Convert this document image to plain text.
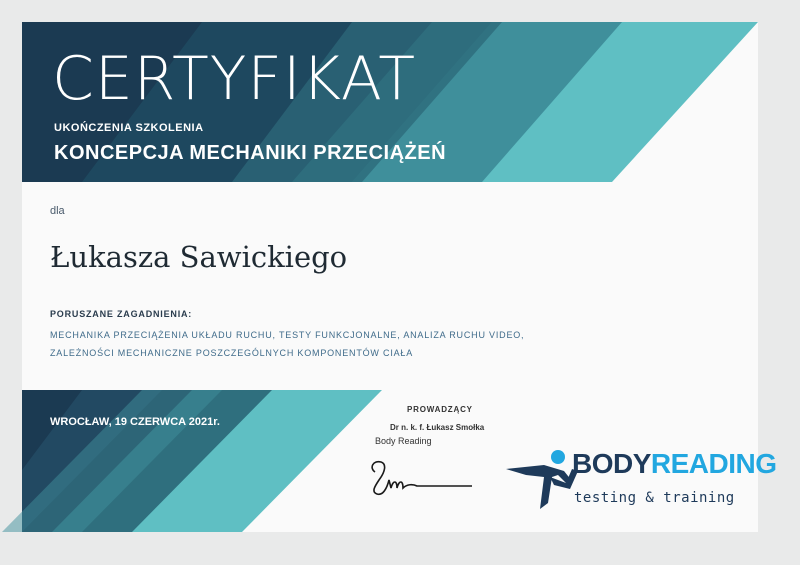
CERTYFIKAT
UKOŃCZENIA SZKOLENIA
KONCEPCJA MECHANIKI PRZECIĄŻEŃ
dla
Łukasza Sawickiego
PORUSZANE ZAGADNIENIA:
MECHANIKA PRZECIĄŻENIA UKŁADU RUCHU, TESTY FUNKCJONALNE, ANALIZA RUCHU VIDEO,
ZALEŻNOŚCI MECHANICZNE POSZCZEGÓLNYCH KOMPONENTÓW CIAŁA
WROCŁAW, 19 CZERWCA 2021r.
PROWADZĄCY
Dr n. k. f. Łukasz Smołka
Body Reading
BODYREADING
testing & training
